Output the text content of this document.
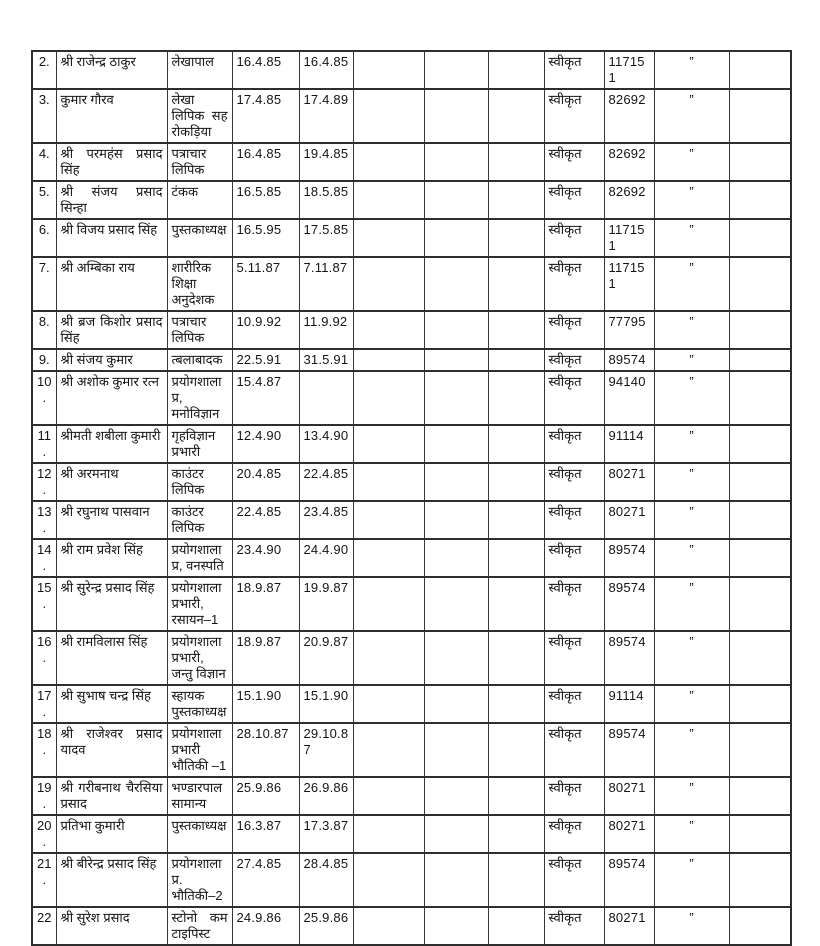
2.	श्री राजेन्द्र ठाकुर	लेखापाल	16.4.85	16.4.85				स्वीकृत	117151	”	
3.	कुमार गौरव	लेखा लिपिक सह रोकड़िया	17.4.85	17.4.89				स्वीकृत	82692	”	
4.	श्री परमहंस प्रसाद सिंह	पत्राचार लिपिक	16.4.85	19.4.85				स्वीकृत	82692	”	
5.	श्री संजय प्रसाद सिन्हा	टंकक	16.5.85	18.5.85				स्वीकृत	82692	”	
6.	श्री विजय प्रसाद सिंह	पुस्तकाध्यक्ष	16.5.95	17.5.85				स्वीकृत	117151	”	
7.	श्री अम्बिका राय	शारीरिक शिक्षा अनुदेशक	5.11.87	7.11.87				स्वीकृत	117151	”	
8.	श्री ब्रज किशोर प्रसाद सिंह	पत्राचार लिपिक	10.9.92	11.9.92				स्वीकृत	77795	”	
9.	श्री संजय कुमार	त्बलाबादक	22.5.91	31.5.91				स्वीकृत	89574	”	
10.	श्री अशोक कुमार रत्न	प्रयोगशाला प्र, मनोविज्ञान	15.4.87					स्वीकृत	94140	”	
11.	श्रीमती शबीला कुमारी	गृहविज्ञान प्रभारी	12.4.90	13.4.90				स्वीकृत	91114	”	
12.	श्री अरमनाथ	काउंटर लिपिक	20.4.85	22.4.85				स्वीकृत	80271	”	
13.	श्री रघुनाथ पासवान	काउंटर लिपिक	22.4.85	23.4.85				स्वीकृत	80271	”	
14.	श्री राम प्रवेश सिंह	प्रयोगशाला प्र, वनस्पति	23.4.90	24.4.90				स्वीकृत	89574	”	
15.	श्री सुरेन्द्र प्रसाद सिंह	प्रयोगशाला प्रभारी, रसायन–1	18.9.87	19.9.87				स्वीकृत	89574	”	
16.	श्री रामविलास सिंह	प्रयोगशाला प्रभारी, जन्तु विज्ञान	18.9.87	20.9.87				स्वीकृत	89574	”	
17.	श्री सुभाष चन्द्र सिंह	स्हायक पुस्तकाध्यक्ष	15.1.90	15.1.90				स्वीकृत	91114	”	
18.	श्री राजेश्वर प्रसाद यादव	प्रयोगशाला प्रभारी भौतिकी –1	28.10.87	29.10.87				स्वीकृत	89574	”	
19.	श्री गरीबनाथ चैरसिया प्रसाद	भण्डारपाल सामान्य	25.9.86	26.9.86				स्वीकृत	80271	”	
20.	प्रतिभा कुमारी	पुस्तकाध्यक्ष	16.3.87	17.3.87				स्वीकृत	80271	”	
21.	श्री बीरेन्द्र प्रसाद सिंह	प्रयोगशाला प्र. भौतिकी–2	27.4.85	28.4.85				स्वीकृत	89574	”	
22	श्री सुरेश प्रसाद	स्टोनो कम टाइपिस्ट	24.9.86	25.9.86				स्वीकृत	80271	”	
